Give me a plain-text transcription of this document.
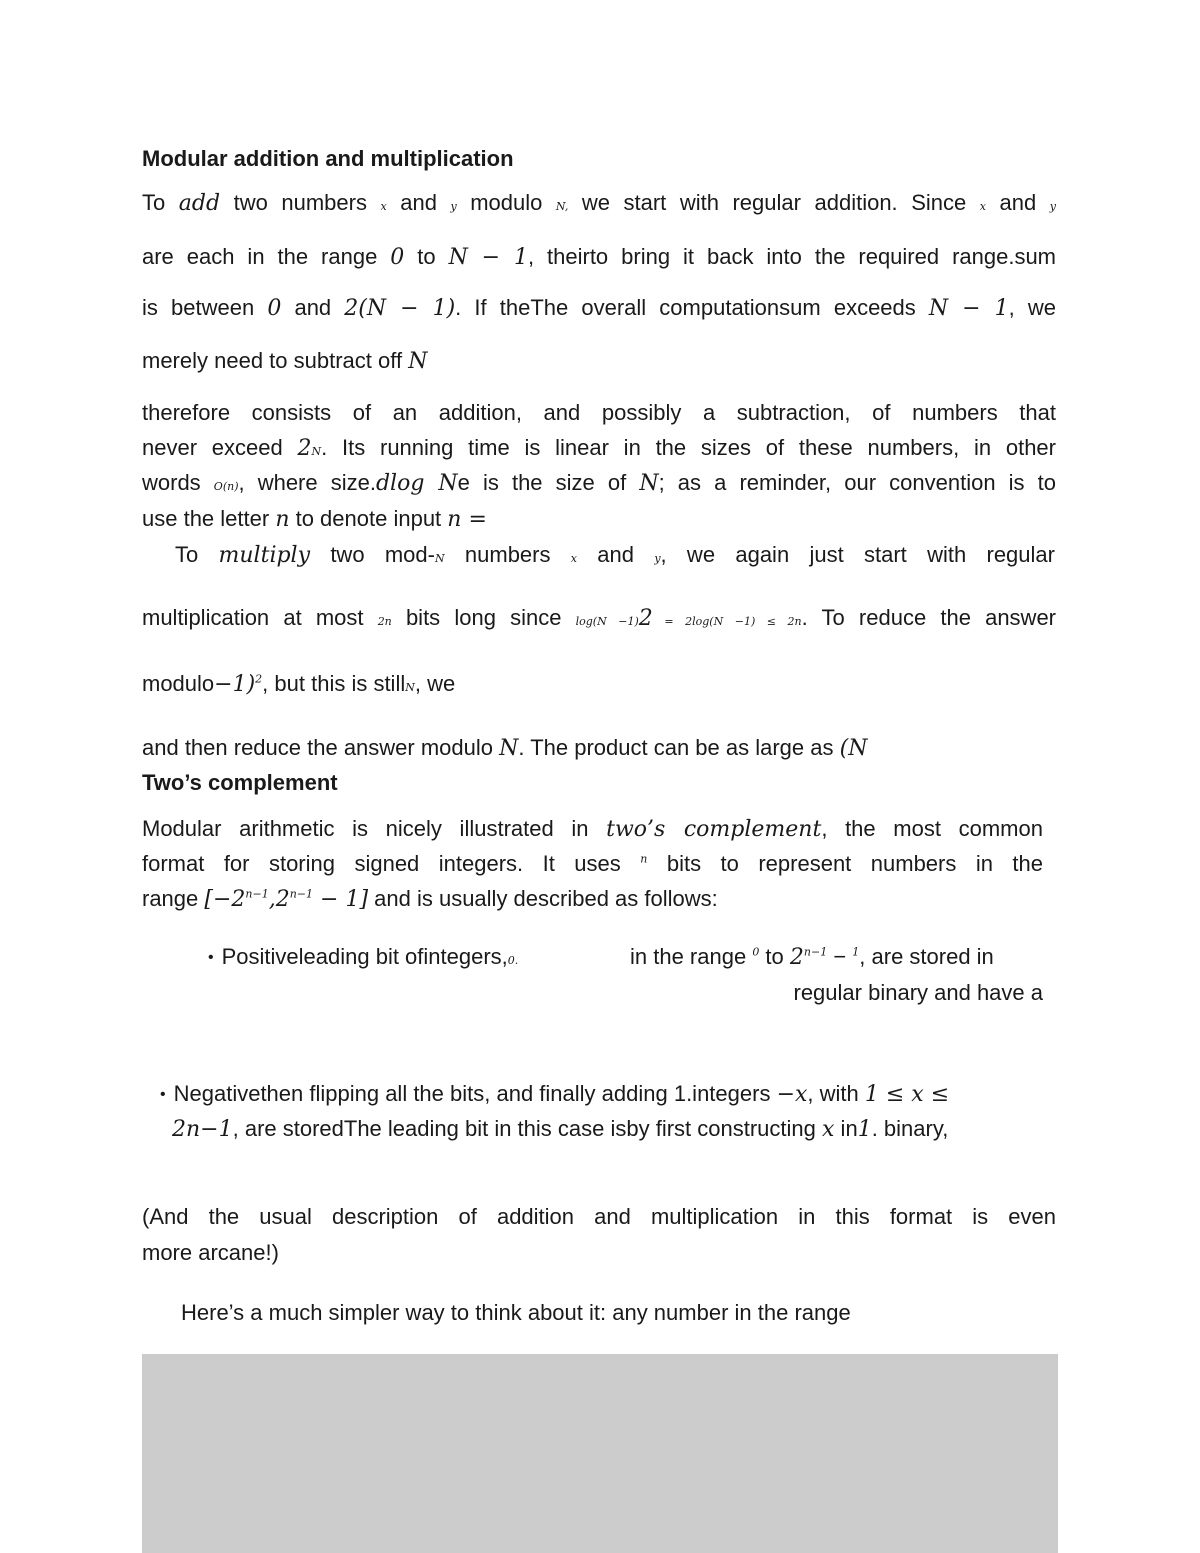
Modular addition and multiplication
To add two numbers x and y modulo N, we start with regular addition. Since x and y
are each in the range 0 to N − 1, theirto bring it back into the required range.sum
is between 0 and 2(N − 1). If theThe overall computationsum exceeds N − 1, we
merely need to subtract off N
therefore consists of an addition, and possibly a subtraction, of numbers that
never exceed 2N. Its running time is linear in the sizes of these numbers, in other
words O(n), where size.dlog Ne is the size of N; as a reminder, our convention is to
use the letter n to denote input n =
To multiply two mod-N numbers x and y, we again just start with regular
multiplication at most 2n bits long since log(N −1)2 = 2log(N −1) ≤ 2n. To reduce the answer
modulo−1)$^2$, but this is stillN, we
and then reduce the answer modulo N. The product can be as large as (N
Two’s complement
Modular arithmetic is nicely illustrated in two’s complement, the most common
format for storing signed integers. It uses $^n$ bits to represent numbers in the
range $[-2^{n-1},2^{n-1} - 1]$ and is usually described as follows:
• Positiveleading bit ofintegers,0.	in the range $^0$ to $2^{n-1} - ^1$, are stored in
regular binary and have a
• Negativethen flipping all the bits, and finally adding 1.integers −x, with 1 ≤ x ≤
2n−1, are storedThe leading bit in this case isby first constructing x in1. binary,
(And the usual description of addition and multiplication in this format is even
more arcane!)
Here’s a much simpler way to think about it: any number in the range
